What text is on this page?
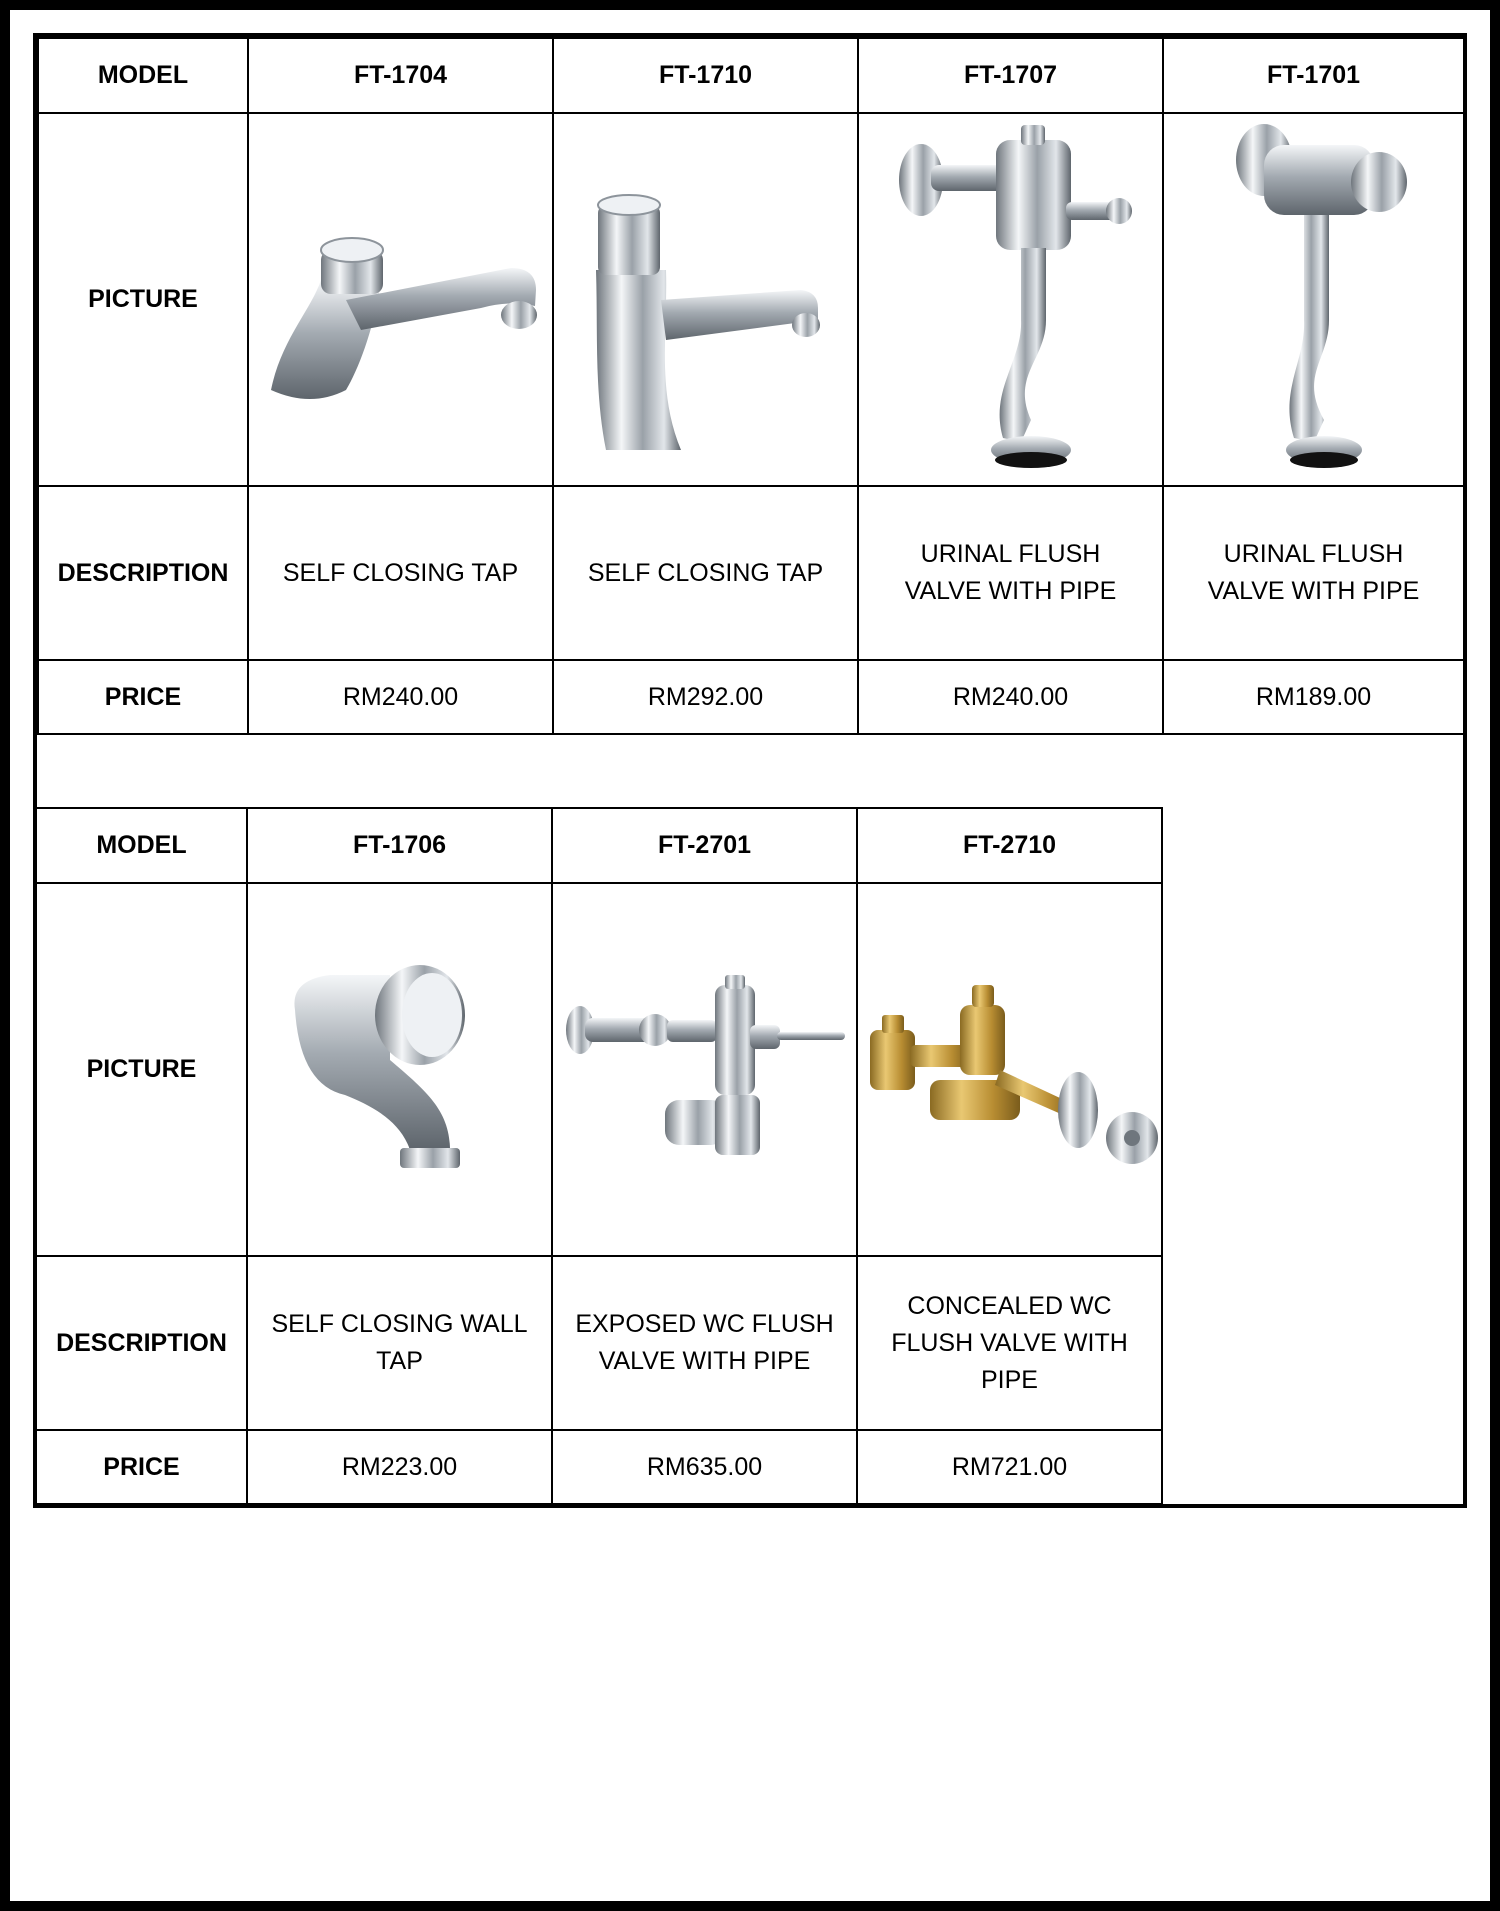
MODEL	FT-1704	FT-1710	FT-1707	FT-1701
PICTURE	

DESCRIPTION	SELF CLOSING TAP	SELF CLOSING TAP	URINAL FLUSH VALVE WITH PIPE	URINAL FLUSH VALVE WITH PIPE
PRICE	RM240.00	RM292.00	RM240.00	RM189.00
MODEL	FT-1706	FT-2701	FT-2710
PICTURE	

DESCRIPTION	SELF CLOSING WALL TAP	EXPOSED WC FLUSH VALVE WITH PIPE	CONCEALED WC FLUSH VALVE WITH PIPE
PRICE	RM223.00	RM635.00	RM721.00
